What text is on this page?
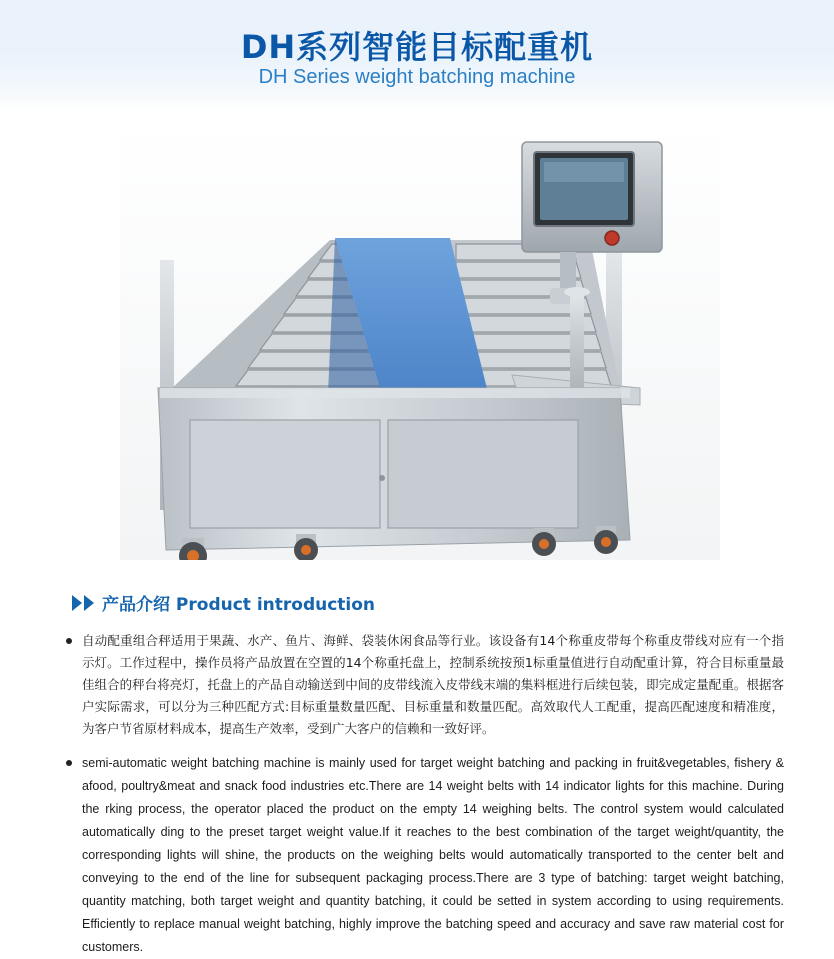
DH系列智能目标配重机
DH Series weight batching machine
产品介绍 Product introduction
自动配重组合秤适用于果蔬、水产、鱼片、海鲜、袋装休闲食品等行业。该设备有14个称重皮带每个称重皮带线对应有一个指示灯。工作过程中，操作员将产品放置在空置的14个称重托盘上，控制系统按预1标重量值进行自动配重计算，符合目标重量最佳组合的秤台将亮灯，托盘上的产品自动输送到中间的皮带线流入皮带线末端的集料框进行后续包装，即完成定量配重。根据客户实际需求，可以分为三种匹配方式:目标重量数量匹配、目标重量和数量匹配。高效取代人工配重，提高匹配速度和精准度，为客户节省原材料成本，提高生产效率，受到广大客户的信赖和一致好评。
semi-automatic weight batching machine is mainly used for target weight batching and packing in fruit&vegetables, fishery & afood, poultry&meat and snack food industries etc.There are 14 weight belts with 14 indicator lights for this machine. During the rking process, the operator placed the product on the empty 14 weighing belts. The control system would calculated automatically ding to the preset target weight value.If it reaches to the best combination of the target weight/quantity, the corresponding lights will shine, the products on the weighing belts would automatically transported to the center belt and conveying to the end of the line for subsequent packaging process.There are 3 type of batching: target weight batching, quantity matching, both target weight and quantity batching, it could be setted in system according to using requirements. Efficiently to replace manual weight batching, highly improve the batching speed and accuracy and save raw material cost for customers.
